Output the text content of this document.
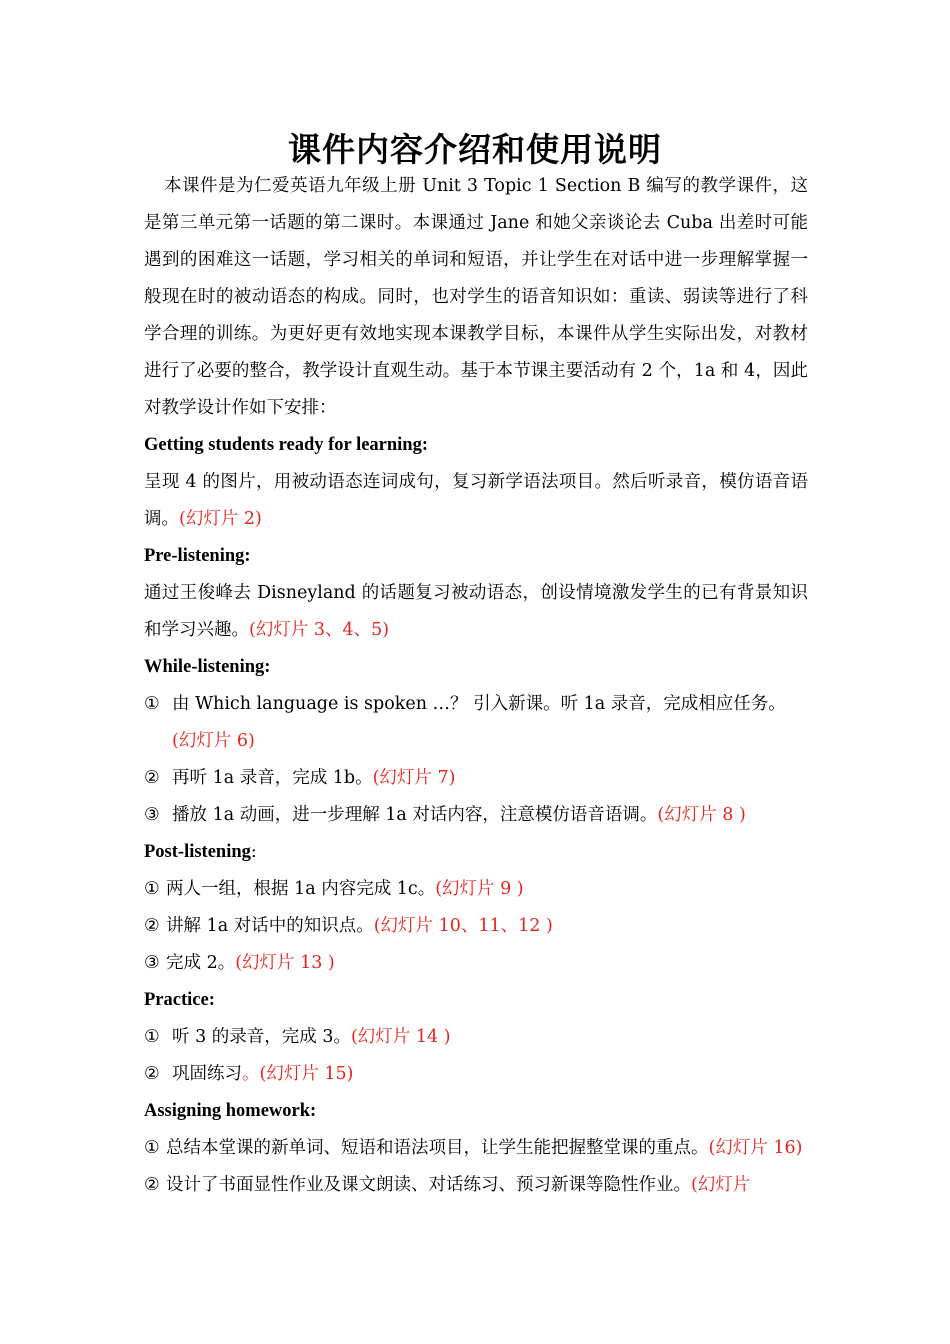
课件内容介绍和使用说明

本课件是为仁爱英语九年级上册 Unit 3 Topic 1 Section B 编写的教学课件，这是第三单元第一话题的第二课时。本课通过 Jane 和她父亲谈论去 Cuba 出差时可能遇到的困难这一话题，学习相关的单词和短语，并让学生在对话中进一步理解掌握一般现在时的被动语态的构成。同时，也对学生的语音知识如：重读、弱读等进行了科学合理的训练。为更好更有效地实现本课教学目标，本课件从学生实际出发，对教材进行了必要的整合，教学设计直观生动。基于本节课主要活动有 2 个，1a 和 4，因此对教学设计作如下安排：

Getting students ready for learning:

呈现 4 的图片，用被动语态连词成句，复习新学语法项目。然后听录音，模仿语音语调。(幻灯片 2)

Pre-listening:

通过王俊峰去 Disneyland 的话题复习被动语态，创设情境激发学生的已有背景知识和学习兴趣。(幻灯片 3、4、5)

While-listening:

① 由 Which language is spoken …？ 引入新课。听 1a 录音，完成相应任务。(幻灯片 6)
② 再听 1a 录音，完成 1b。(幻灯片 7)
③ 播放 1a 动画，进一步理解 1a 对话内容，注意模仿语音语调。(幻灯片 8 )

Post-listening:

① 两人一组，根据 1a 内容完成 1c。(幻灯片 9 )
② 讲解 1a 对话中的知识点。(幻灯片 10、11、12 )
③ 完成 2。(幻灯片 13 )

Practice:

① 听 3 的录音，完成 3。(幻灯片 14 )
② 巩固练习。(幻灯片 15)

Assigning homework:

① 总结本堂课的新单词、短语和语法项目，让学生能把握整堂课的重点。(幻灯片 16)
② 设计了书面显性作业及课文朗读、对话练习、预习新课等隐性作业。(幻灯片
